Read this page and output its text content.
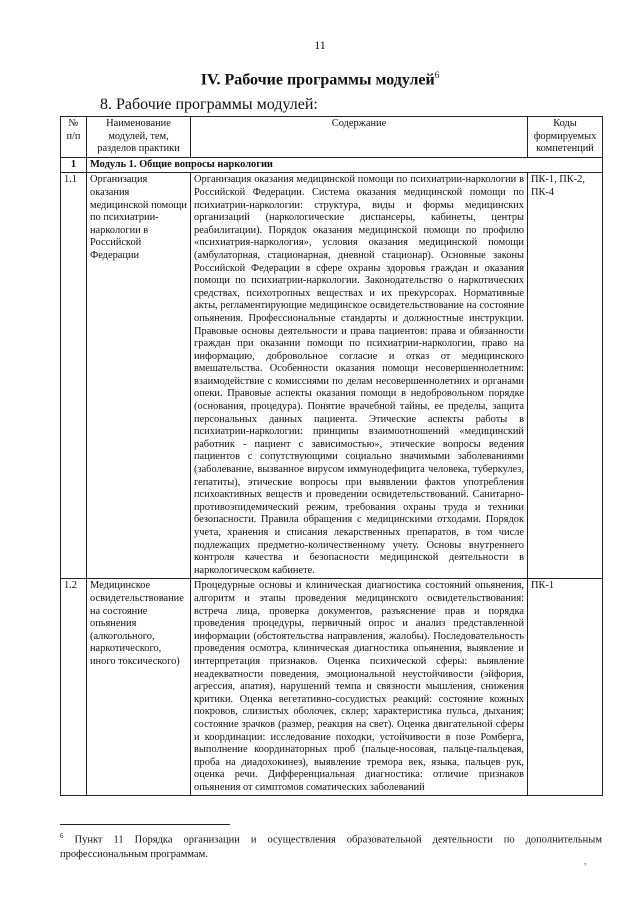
11
IV. Рабочие программы модулей$^6$
8. Рабочие программы модулей:
№ п/п	Наименование модулей, тем, разделов практики	Содержание	Коды формируемых компетенций
1	Модуль 1. Общие вопросы наркологии		
1.1	Организация оказания медицинской помощи по психиатрии-наркологии в Российской Федерации	Организация оказания медицинской помощи по психиатрии-наркологии в Российской Федерации. Система оказания медицинской помощи по психиатрии-наркологии: структура, виды и формы медицинских организаций (наркологические диспансеры, кабинеты, центры реабилитации). Порядок оказания медицинской помощи по профилю «психиатрия-наркология», условия оказания медицинской помощи (амбулаторная, стационарная, дневной стационар). Основные законы Российской Федерации в сфере охраны здоровья граждан и оказания помощи по психиатрии-наркологии. Законодательство о наркотических средствах, психотропных веществах и их прекурсорах. Нормативные акты, регламентирующие медицинское освидетельствование на состояние опьянения. Профессиональные стандарты и должностные инструкции. Правовые основы деятельности и права пациентов: права и обязанности граждан при оказании помощи по психиатрии-наркологии, право на информацию, добровольное согласие и отказ от медицинского вмешательства. Особенности оказания помощи несовершеннолетним: взаимодействие с комиссиями по делам несовершеннолетних и органами опеки. Правовые аспекты оказания помощи в недобровольном порядке (основания, процедура). Понятие врачебной тайны, ее пределы, защита персональных данных пациента. Этические аспекты работы в психиатрии-наркологии: принципы взаимоотношений «медицинский работник - пациент с зависимостью», этические вопросы ведения пациентов с сопутствующими социально значимыми заболеваниями (заболевание, вызванное вирусом иммунодефицита человека, туберкулез, гепатиты), этические вопросы при выявлении фактов употребления психоактивных веществ и проведении освидетельствований. Санитарно-противоэпидемический режим, требования охраны труда и техники безопасности. Правила обращения с медицинскими отходами. Порядок учета, хранения и списания лекарственных препаратов, в том числе подлежащих предметно-количественному учету. Основы внутреннего контроля качества и безопасности медицинской деятельности в наркологическом кабинете.	ПК-1, ПК-2, ПК-4
1.2	Медицинское освидетельствование на состояние опьянения (алкогольного, наркотического, иного токсического)	Процедурные основы и клиническая диагностика состояний опьянения, алгоритм и этапы проведения медицинского освидетельствования: встреча лица, проверка документов, разъяснение прав и порядка проведения процедуры, первичный опрос и анализ представленной информации (обстоятельства направления, жалобы). Последовательность проведения осмотра, клиническая диагностика опьянения, выявление и интерпретация признаков. Оценка психической сферы: выявление неадекватности поведения, эмоциональной неустойчивости (эйфория, агрессия, апатия), нарушений темпа и связности мышления, снижения критики. Оценка вегетативно-сосудистых реакций: состояние кожных покровов, слизистых оболочек, склер; характеристика пульса, дыхания; состояние зрачков (размер, реакция на свет). Оценка двигательной сферы и координации: исследование походки, устойчивости в позе Ромберга, выполнение координаторных проб (пальце-носовая, пальце-пальцевая, проба на диадохокинез), выявление тремора век, языка, пальцев рук, оценка речи. Дифференциальная диагностика: отличие признаков опьянения от симптомов соматических заболеваний	ПК-1
$^6$ Пункт 11 Порядка организации и осуществления образовательной деятельности по дополнительным профессиональным программам.
,
